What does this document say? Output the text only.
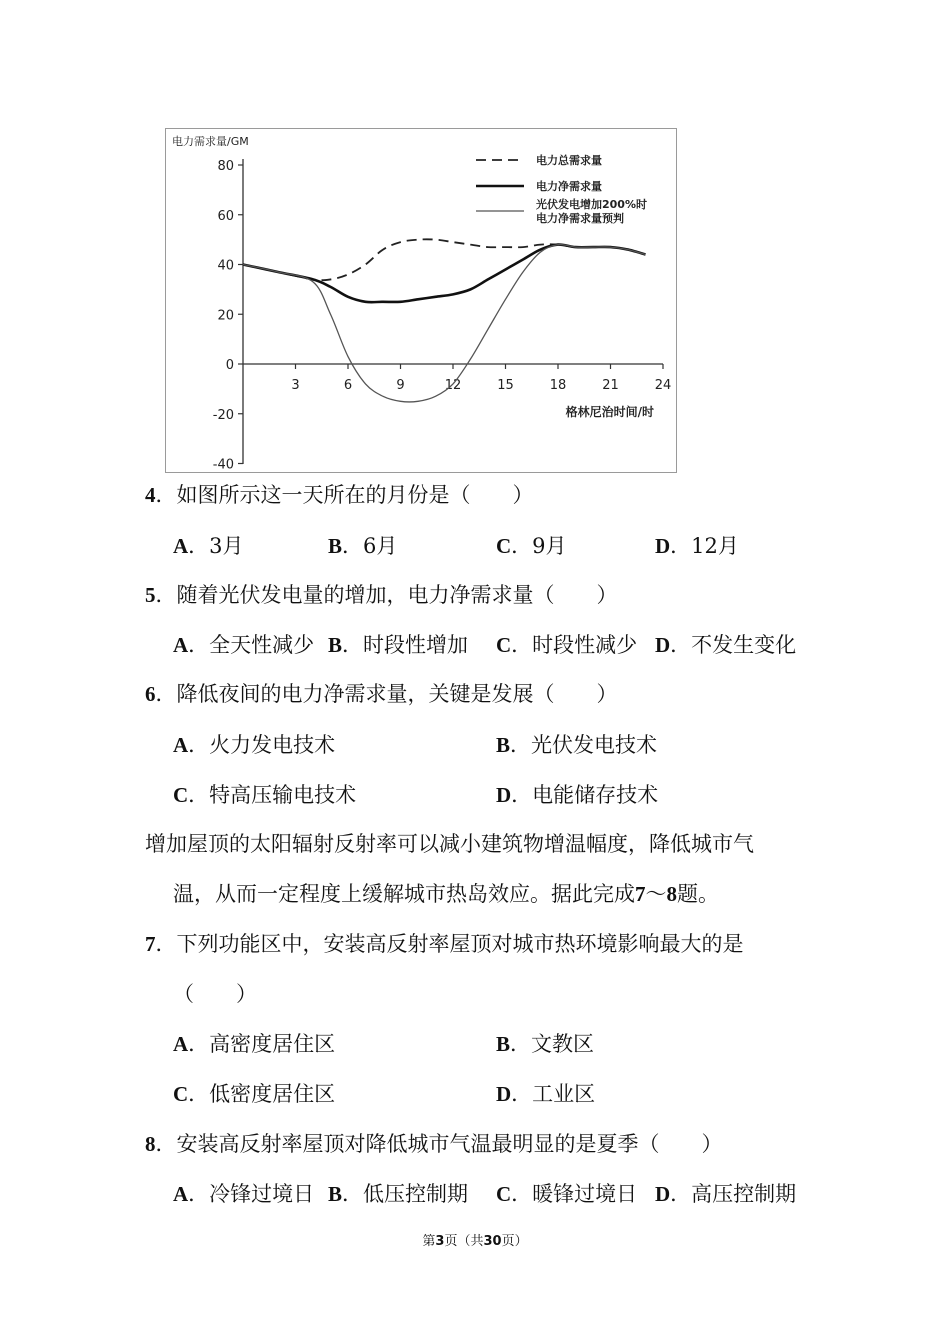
电力需求量/GM
80
60
40
20
0
-20
-40
3	6	9	12	15	18	21	24
格林尼治时间/时
电力总需求量
电力净需求量
光伏发电增加200%时
电力净需求量预判
4．如图所示这一天所在的月份是（　　）
A．3月	B．6月	C．9月	D．12月
5．随着光伏发电量的增加，电力净需求量（　　）
A．全天性减少 B．时段性增加 C．时段性减少 D．不发生变化
6．降低夜间的电力净需求量，关键是发展（　　）
A．火力发电技术	B．光伏发电技术
C．特高压输电技术	D．电能储存技术
增加屋顶的太阳辐射反射率可以减小建筑物增温幅度，降低城市气
温，从而一定程度上缓解城市热岛效应。据此完成7～8题。
7．下列功能区中，安装高反射率屋顶对城市热环境影响最大的是
（　　）
A．高密度居住区	B．文教区
C．低密度居住区	D．工业区
8．安装高反射率屋顶对降低城市气温最明显的是夏季（　　）
A．冷锋过境日 B．低压控制期 C．暖锋过境日 D．高压控制期
第3页（共30页）
